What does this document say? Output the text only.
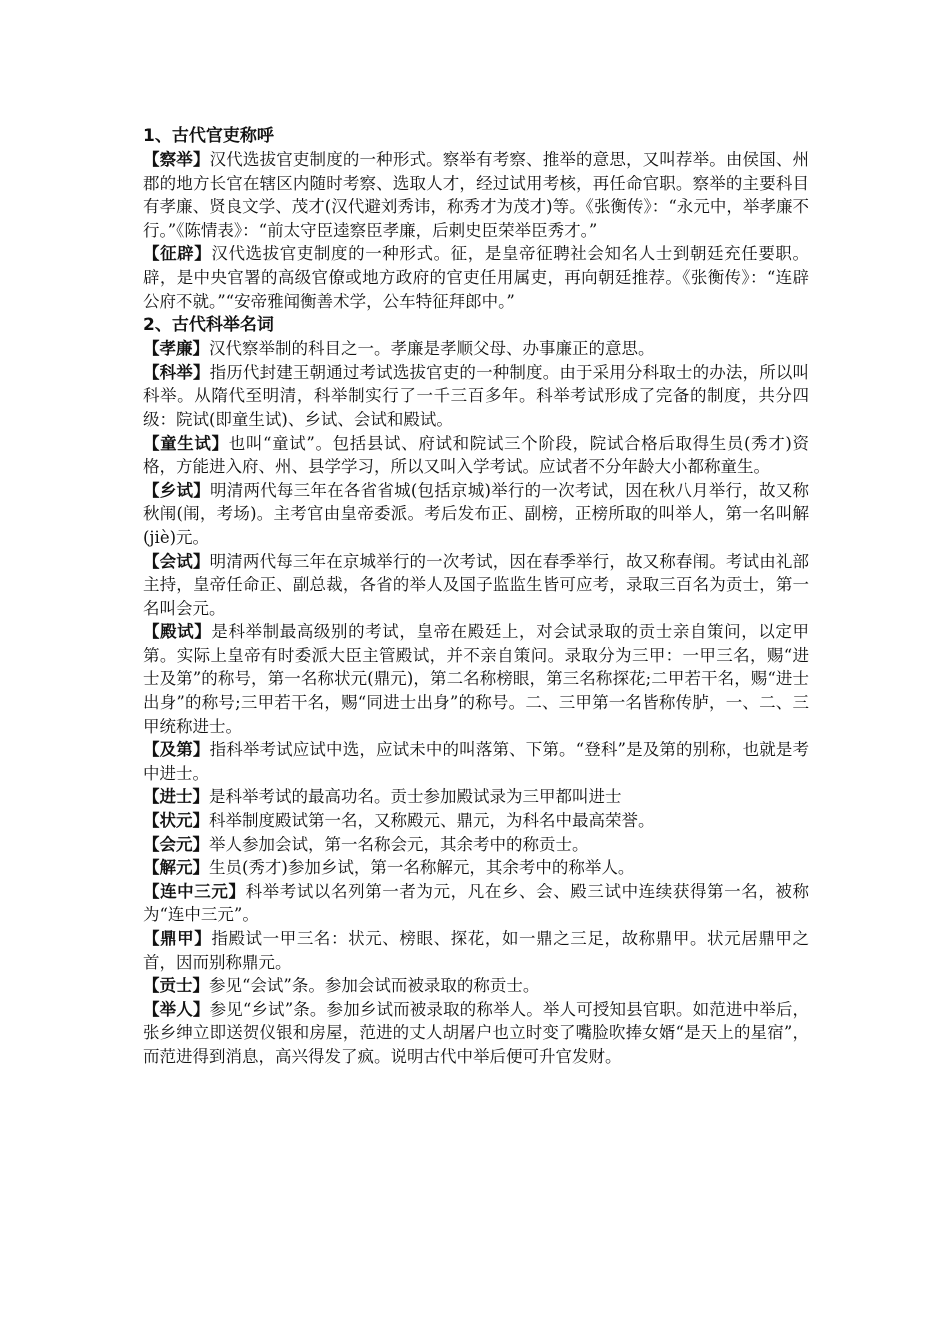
1、古代官吏称呼

【察举】汉代选拔官吏制度的一种形式。察举有考察、推举的意思，又叫荐举。由侯国、州郡的地方长官在辖区内随时考察、选取人才，经过试用考核，再任命官职。察举的主要科目有孝廉、贤良文学、茂才(汉代避刘秀讳，称秀才为茂才)等。《张衡传》：“永元中，举孝廉不行。”《陈情表》：“前太守臣逵察臣孝廉，后刺史臣荣举臣秀才。”

【征辟】汉代选拔官吏制度的一种形式。征，是皇帝征聘社会知名人士到朝廷充任要职。辟，是中央官署的高级官僚或地方政府的官吏任用属吏，再向朝廷推荐。《张衡传》：“连辟公府不就。”“安帝雅闻衡善术学，公车特征拜郎中。”

2、古代科举名词

【孝廉】汉代察举制的科目之一。孝廉是孝顺父母、办事廉正的意思。

【科举】指历代封建王朝通过考试选拔官吏的一种制度。由于采用分科取士的办法，所以叫科举。从隋代至明清，科举制实行了一千三百多年。科举考试形成了完备的制度，共分四级：院试(即童生试)、乡试、会试和殿试。

【童生试】也叫“童试”。包括县试、府试和院试三个阶段，院试合格后取得生员(秀才)资格，方能进入府、州、县学学习，所以又叫入学考试。应试者不分年龄大小都称童生。

【乡试】明清两代每三年在各省省城(包括京城)举行的一次考试，因在秋八月举行，故又称秋闱(闱，考场)。主考官由皇帝委派。考后发布正、副榜，正榜所取的叫举人，第一名叫解(jiè)元。

【会试】明清两代每三年在京城举行的一次考试，因在春季举行，故又称春闱。考试由礼部主持，皇帝任命正、副总裁，各省的举人及国子监监生皆可应考，录取三百名为贡士，第一名叫会元。

【殿试】是科举制最高级别的考试，皇帝在殿廷上，对会试录取的贡士亲自策问，以定甲第。实际上皇帝有时委派大臣主管殿试，并不亲自策问。录取分为三甲：一甲三名，赐“进士及第”的称号，第一名称状元(鼎元)，第二名称榜眼，第三名称探花;二甲若干名，赐“进士出身”的称号;三甲若干名，赐“同进士出身”的称号。二、三甲第一名皆称传胪，一、二、三甲统称进士。

【及第】指科举考试应试中选，应试未中的叫落第、下第。“登科”是及第的别称，也就是考中进士。

【进士】是科举考试的最高功名。贡士参加殿试录为三甲都叫进士

【状元】科举制度殿试第一名，又称殿元、鼎元，为科名中最高荣誉。

【会元】举人参加会试，第一名称会元，其余考中的称贡士。

【解元】生员(秀才)参加乡试，第一名称解元，其余考中的称举人。

【连中三元】科举考试以名列第一者为元，凡在乡、会、殿三试中连续获得第一名，被称为“连中三元”。

【鼎甲】指殿试一甲三名：状元、榜眼、探花，如一鼎之三足，故称鼎甲。状元居鼎甲之首，因而别称鼎元。

【贡士】参见“会试”条。参加会试而被录取的称贡士。

【举人】参见“乡试”条。参加乡试而被录取的称举人。举人可授知县官职。如范进中举后，张乡绅立即送贺仪银和房屋，范进的丈人胡屠户也立时变了嘴脸吹捧女婿“是天上的星宿”，而范进得到消息，高兴得发了疯。说明古代中举后便可升官发财。
